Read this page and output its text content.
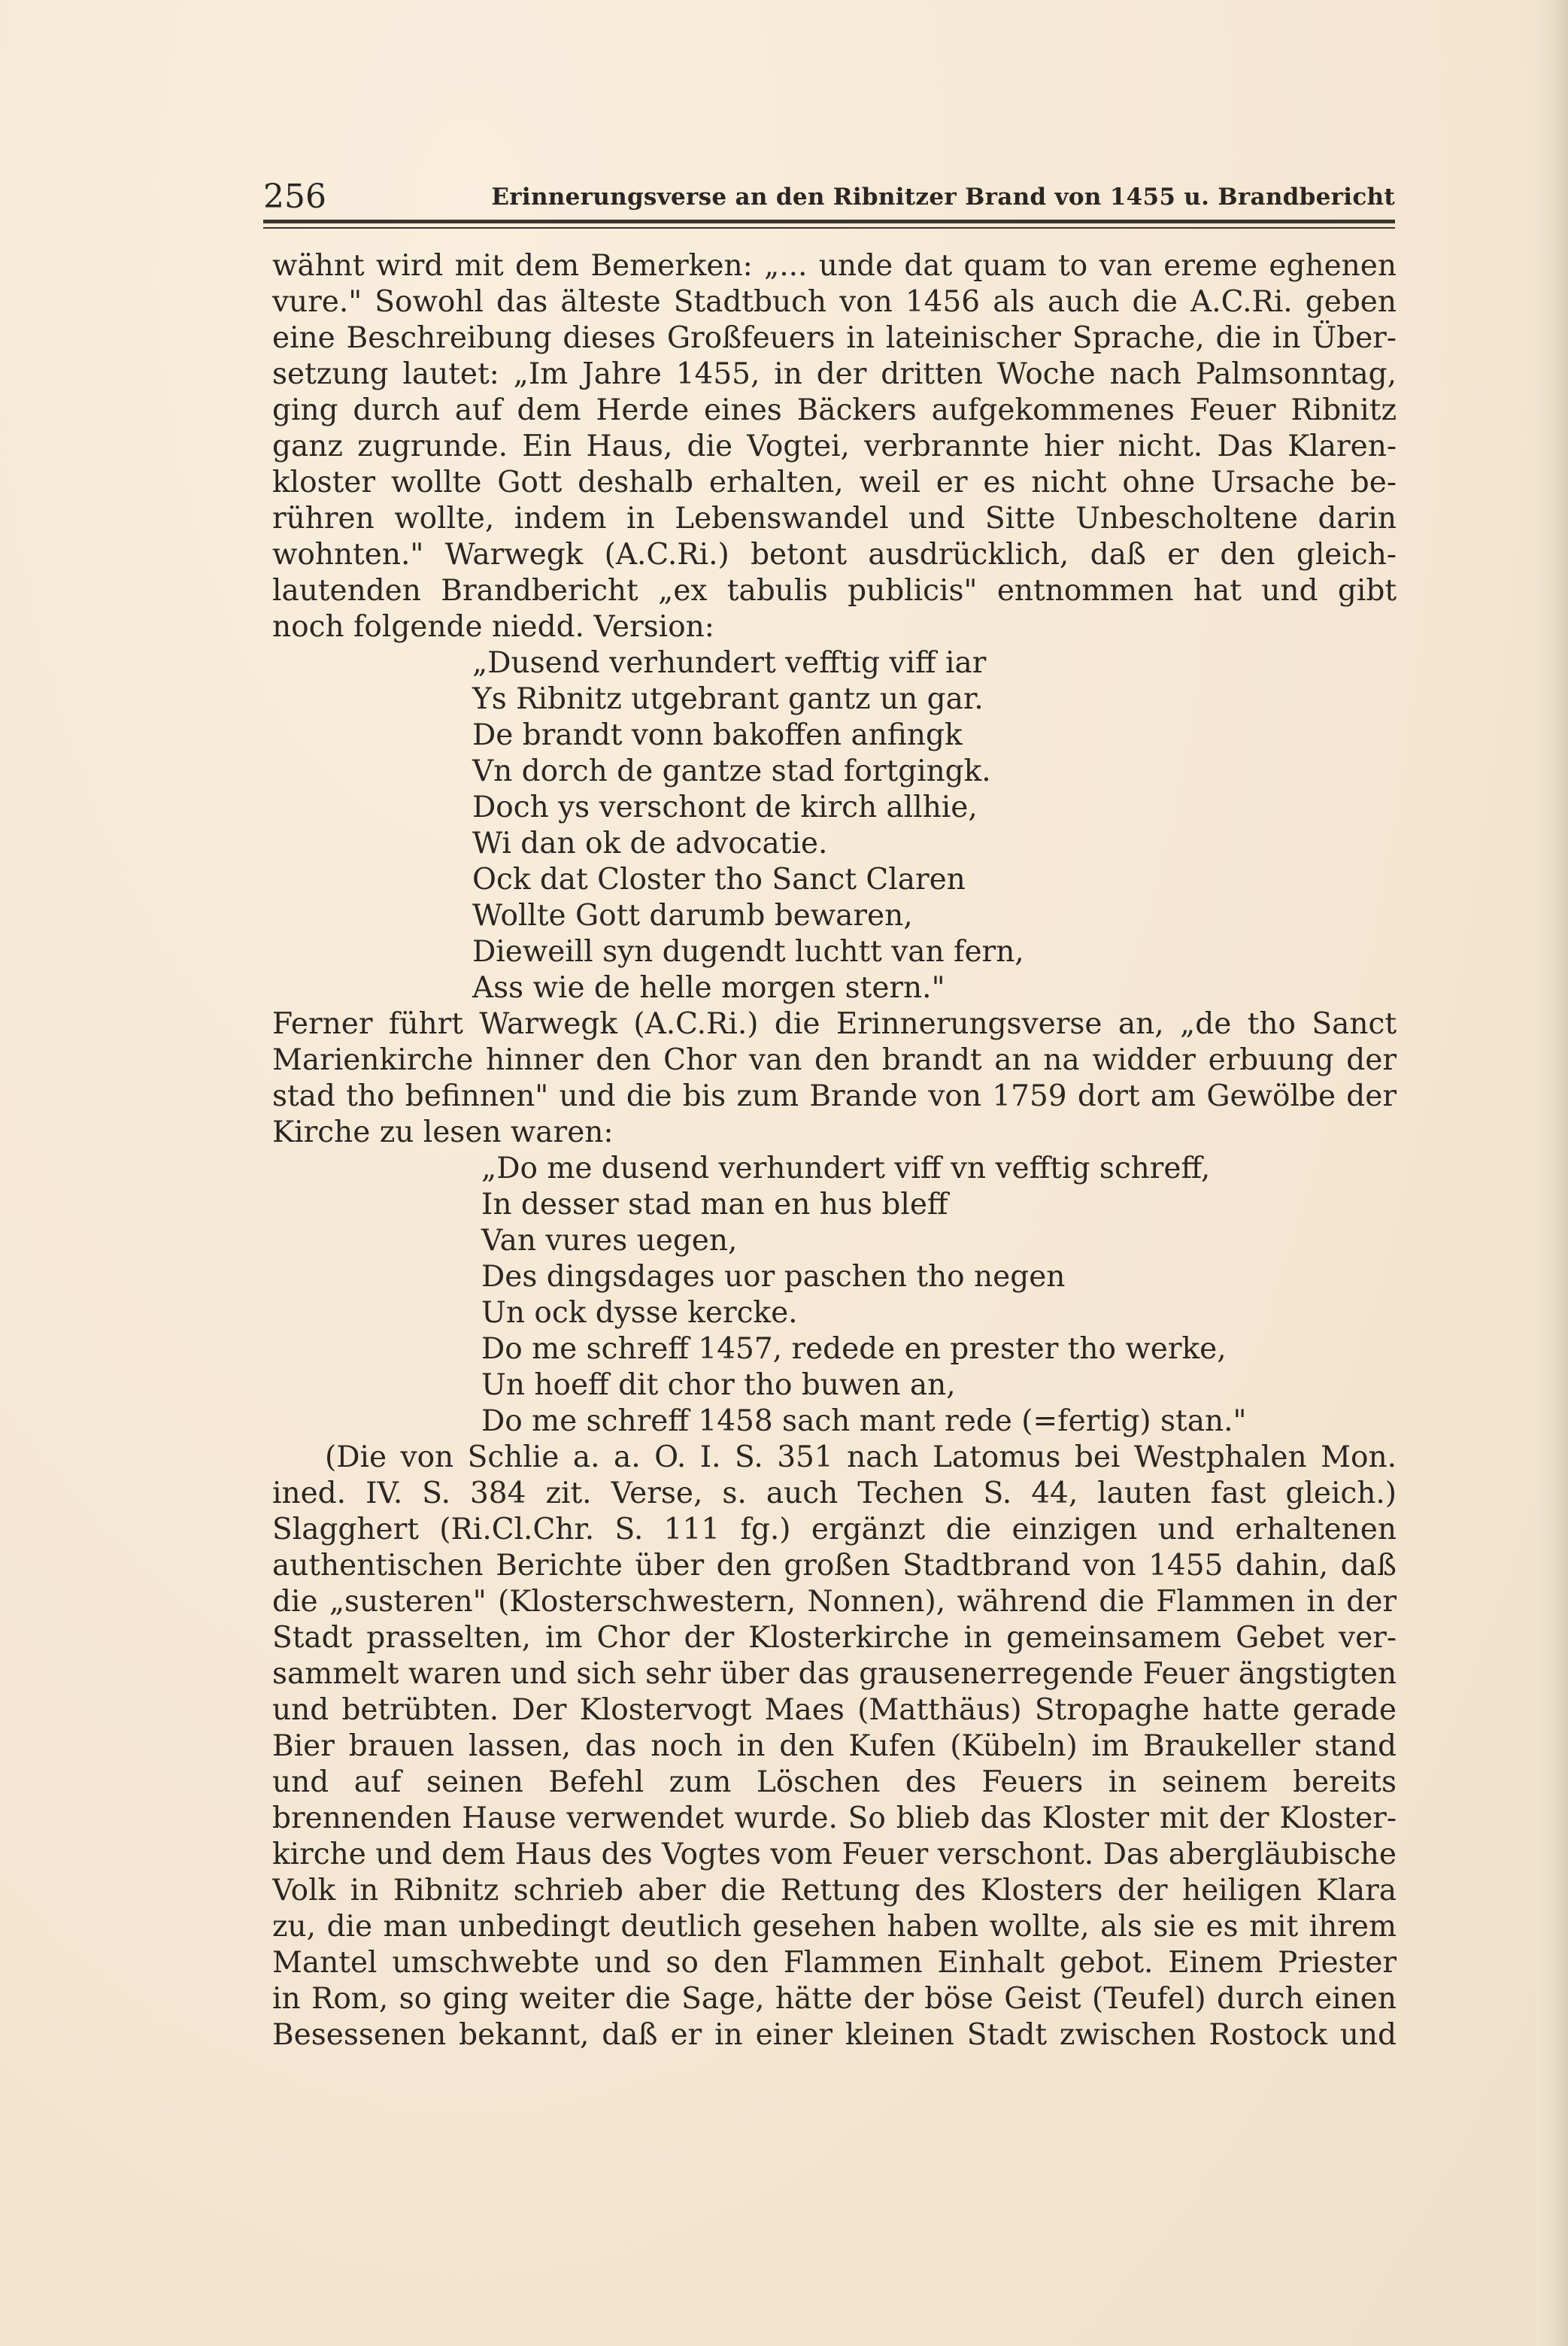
256	Erinnerungsverse an den Ribnitzer Brand von 1455 u. Brandbericht
wähnt wird mit dem Bemerken: „... unde dat quam to van ereme eghenen
vure." Sowohl das älteste Stadtbuch von 1456 als auch die A.C.Ri. geben
eine Beschreibung dieses Großfeuers in lateinischer Sprache, die in Über-
setzung lautet: „Im Jahre 1455, in der dritten Woche nach Palmsonntag,
ging durch auf dem Herde eines Bäckers aufgekommenes Feuer Ribnitz
ganz zugrunde. Ein Haus, die Vogtei, verbrannte hier nicht. Das Klaren-
kloster wollte Gott deshalb erhalten, weil er es nicht ohne Ursache be-
rühren wollte, indem in Lebenswandel und Sitte Unbescholtene darin
wohnten." Warwegk (A.C.Ri.) betont ausdrücklich, daß er den gleich-
lautenden Brandbericht „ex tabulis publicis" entnommen hat und gibt
noch folgende niedd. Version:
„Dusend verhundert vefftig viff iar
Ys Ribnitz utgebrant gantz un gar.
De brandt vonn bakoffen anfingk
Vn dorch de gantze stad fortgingk.
Doch ys verschont de kirch allhie,
Wi dan ok de advocatie.
Ock dat Closter tho Sanct Claren
Wollte Gott darumb bewaren,
Dieweill syn dugendt luchtt van fern,
Ass wie de helle morgen stern."
Ferner führt Warwegk (A.C.Ri.) die Erinnerungsverse an, „de tho Sanct
Marienkirche hinner den Chor van den brandt an na widder erbuung der
stad tho befinnen" und die bis zum Brande von 1759 dort am Gewölbe der
Kirche zu lesen waren:
„Do me dusend verhundert viff vn vefftig schreff,
In desser stad man en hus bleff
Van vures uegen,
Des dingsdages uor paschen tho negen
Un ock dysse kercke.
Do me schreff 1457, redede en prester tho werke,
Un hoeff dit chor tho buwen an,
Do me schreff 1458 sach mant rede (=fertig) stan."
(Die von Schlie a. a. O. I. S. 351 nach Latomus bei Westphalen Mon.
ined. IV. S. 384 zit. Verse, s. auch Techen S. 44, lauten fast gleich.)
Slagghert (Ri.Cl.Chr. S. 111 fg.) ergänzt die einzigen und erhaltenen
authentischen Berichte über den großen Stadtbrand von 1455 dahin, daß
die „susteren" (Klosterschwestern, Nonnen), während die Flammen in der
Stadt prasselten, im Chor der Klosterkirche in gemeinsamem Gebet ver-
sammelt waren und sich sehr über das grausenerregende Feuer ängstigten
und betrübten. Der Klostervogt Maes (Matthäus) Stropaghe hatte gerade
Bier brauen lassen, das noch in den Kufen (Kübeln) im Braukeller stand
und auf seinen Befehl zum Löschen des Feuers in seinem bereits
brennenden Hause verwendet wurde. So blieb das Kloster mit der Kloster-
kirche und dem Haus des Vogtes vom Feuer verschont. Das abergläubische
Volk in Ribnitz schrieb aber die Rettung des Klosters der heiligen Klara
zu, die man unbedingt deutlich gesehen haben wollte, als sie es mit ihrem
Mantel umschwebte und so den Flammen Einhalt gebot. Einem Priester
in Rom, so ging weiter die Sage, hätte der böse Geist (Teufel) durch einen
Besessenen bekannt, daß er in einer kleinen Stadt zwischen Rostock und
